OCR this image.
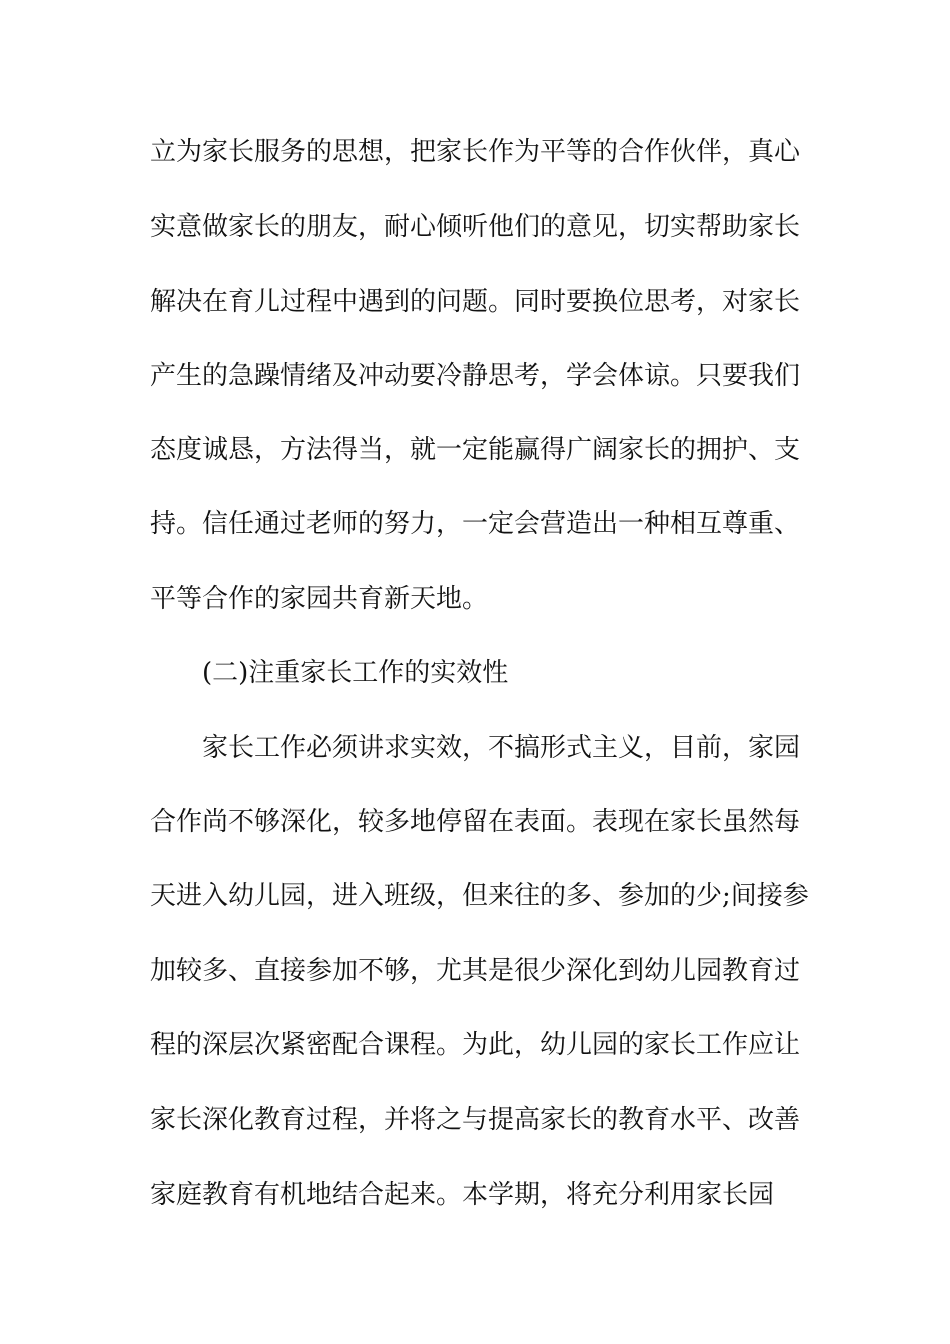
立为家长服务的思想，把家长作为平等的合作伙伴，真心
实意做家长的朋友，耐心倾听他们的意见，切实帮助家长
解决在育儿过程中遇到的问题。同时要换位思考，对家长
产生的急躁情绪及冲动要冷静思考，学会体谅。只要我们
态度诚恳，方法得当，就一定能赢得广阔家长的拥护、支
持。信任通过老师的努力，一定会营造出一种相互尊重、
平等合作的家园共育新天地。
(二)注重家长工作的实效性
家长工作必须讲求实效，不搞形式主义，目前，家园
合作尚不够深化，较多地停留在表面。表现在家长虽然每
天进入幼儿园，进入班级，但来往的多、参加的少;间接参
加较多、直接参加不够，尤其是很少深化到幼儿园教育过
程的深层次紧密配合课程。为此，幼儿园的家长工作应让
家长深化教育过程，并将之与提高家长的教育水平、改善
家庭教育有机地结合起来。本学期，将充分利用家长园
